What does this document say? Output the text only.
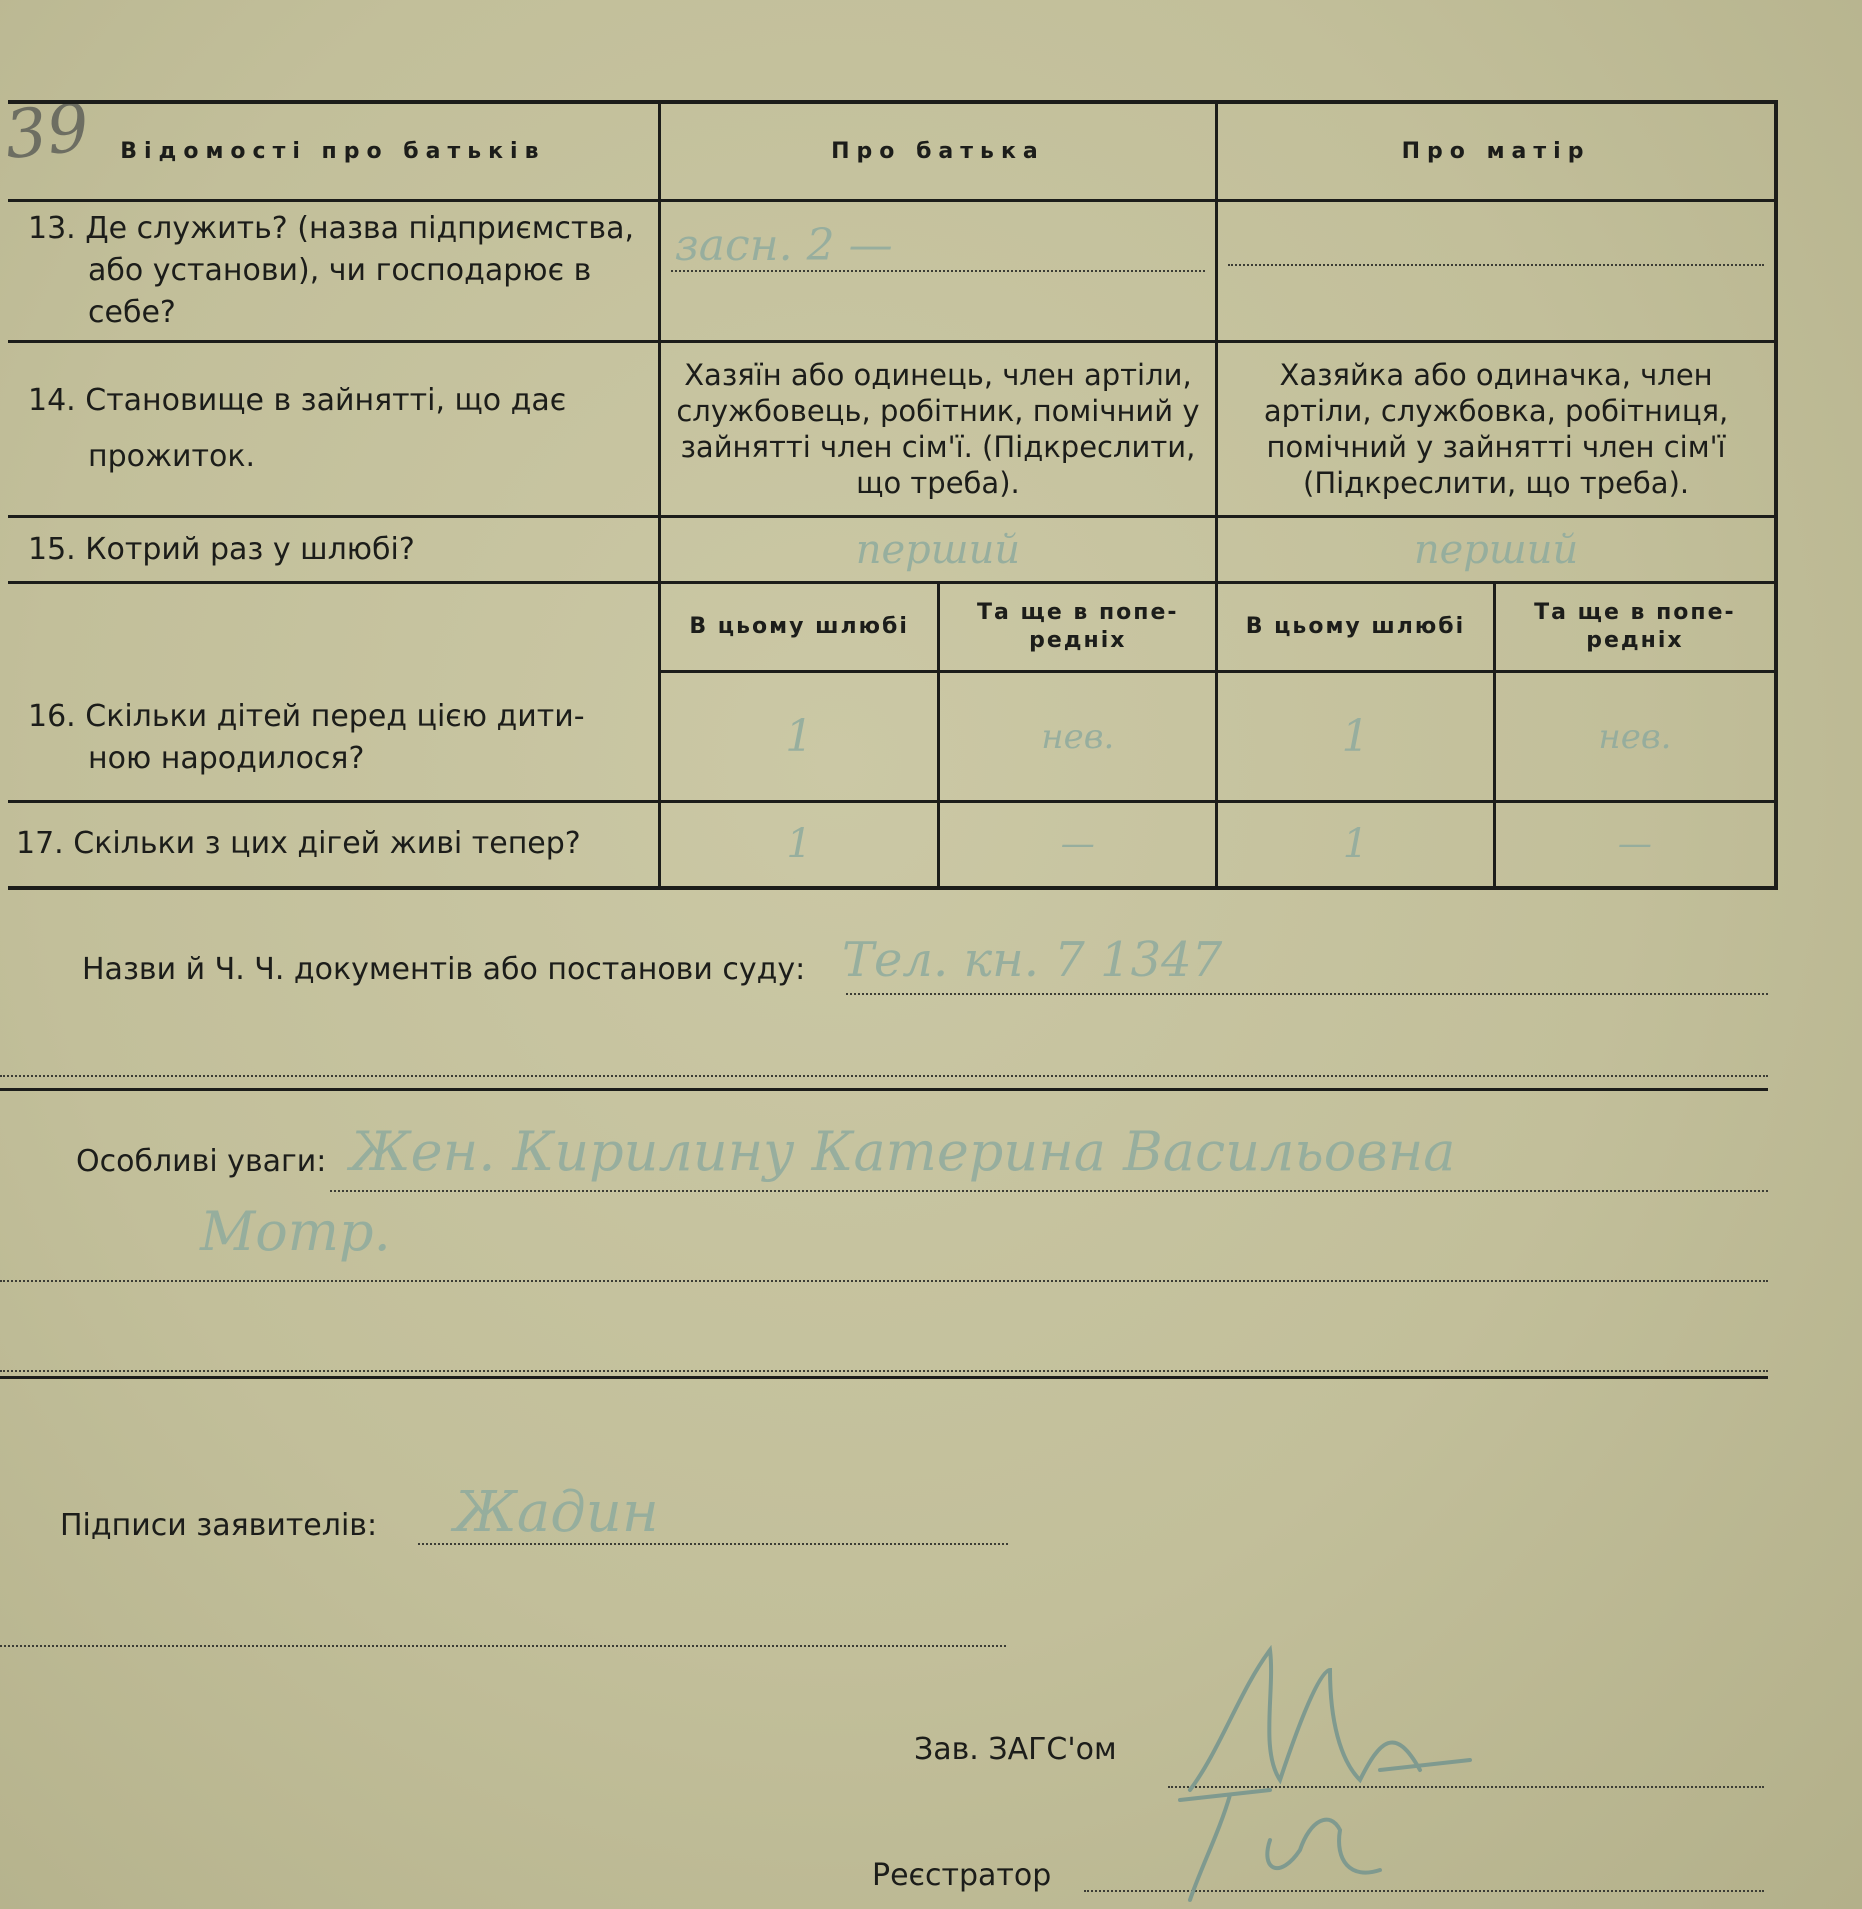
39	Відомості про батьків	Про батька		Про матір	
13. Де служить? (назва підприємства,
або установи), чи господарює в себе?	засн. 2 —			

14. Становище в зайнятті, що дає

прожиток.	Хазяїн або одинець, член артіли, службовець, робітник, помічний у зайнятті член сім'ї. (Підкреслити, що треба).		Хазяйка або одиначка, член артіли, службовка, робітниця, помічний у зайнятті член сім'ї (Підкреслити, що треба).	
15. Котрий раз у шлюбі?	перший		перший	
16. Скільки дітей перед цією дити-

ною народилося?	В цьому шлюбі	Та ще в попе-редніх	В цьому шлюбі	Та ще в попе-редніх
	1	нев.	1	нев.
17. Скільки з цих дігей живі тепер?	1	—	1	—
Назви й Ч. Ч. документів або постанови суду: Тел. кн. 7 1347
Особливі уваги: Жен. Кирилину Катерина Васильовна
Мотр.
Підписи заявителів: Жадин
Зав. ЗАГС'ом
Реєстратор
